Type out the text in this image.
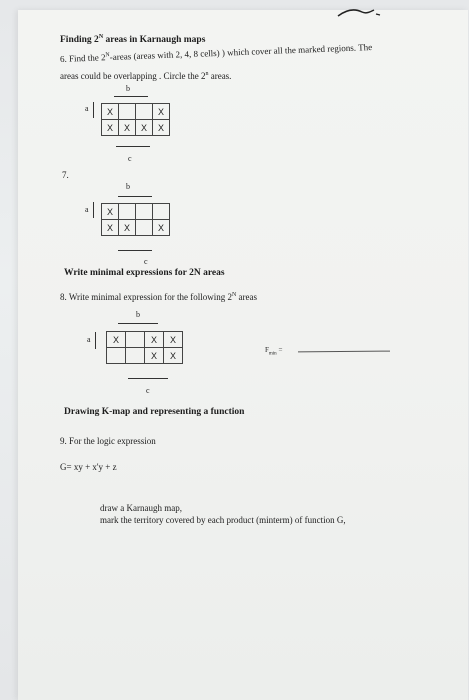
Finding $2^N$ areas in Karnaugh maps
6. Find the $2^N$-areas (areas with 2, 4, 8 cells) ) which cover all the marked regions. The
areas could be overlapping . Circle the 2$^n$ areas.
b
a X			X
X	X	X	X
c
7.
b
a X			
X	X		X
c
Write minimal expressions for 2N areas
8. Write minimal expression for the following $2^N$ areas
b
a X		X	X
		X	X
c
$F_{min}$ =
Drawing K-map and representing a function
9. For the logic expression
G= xy + x'y + z
draw a Karnaugh map,
mark the territory covered by each product (minterm) of function G,
